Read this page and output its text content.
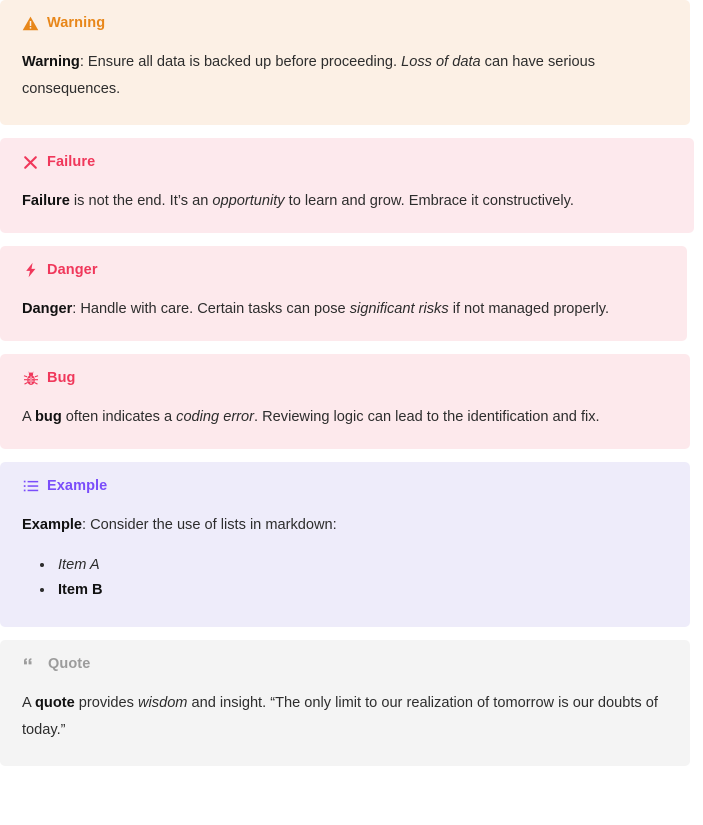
Warning

Warning: Ensure all data is backed up before proceeding. Loss of data can have serious consequences.

Failure

Failure is not the end. It’s an opportunity to learn and grow. Embrace it constructively.

Danger

Danger: Handle with care. Certain tasks can pose significant risks if not managed properly.

Bug

A bug often indicates a coding error. Reviewing logic can lead to the identification and fix.

Example

Example: Consider the use of lists in markdown:

Item A
Item B
Quote

A quote provides wisdom and insight. “The only limit to our realization of tomorrow is our doubts of today.”
